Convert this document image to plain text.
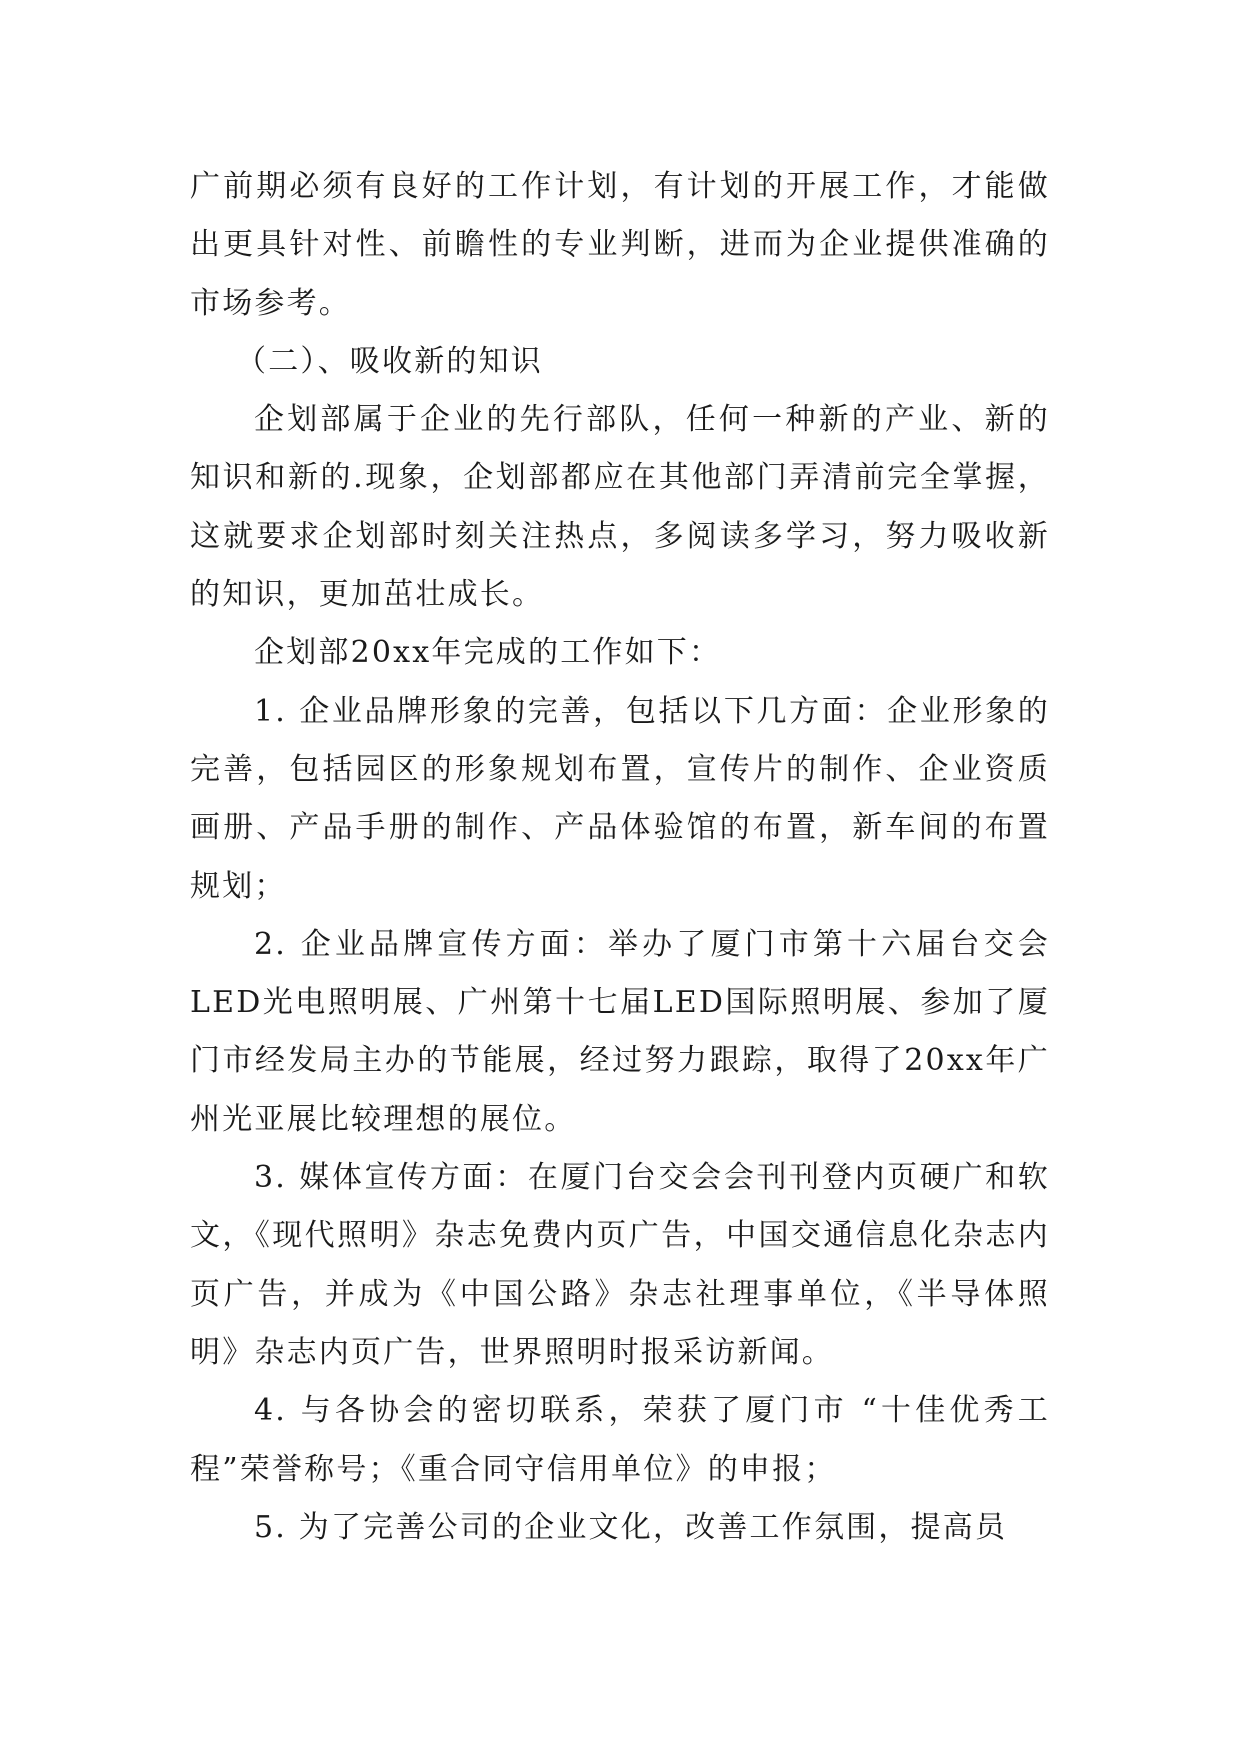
广前期必须有良好的工作计划，有计划的开展工作，才能做出更具针对性、前瞻性的专业判断，进而为企业提供准确的市场参考。

（二）、吸收新的知识

企划部属于企业的先行部队，任何一种新的产业、新的知识和新的.现象，企划部都应在其他部门弄清前完全掌握，这就要求企划部时刻关注热点，多阅读多学习，努力吸收新的知识，更加茁壮成长。

企划部20xx年完成的工作如下：

1. 企业品牌形象的完善，包括以下几方面：企业形象的完善，包括园区的形象规划布置，宣传片的制作、企业资质画册、产品手册的制作、产品体验馆的布置，新车间的布置规划；

2. 企业品牌宣传方面：举办了厦门市第十六届台交会LED光电照明展、广州第十七届LED国际照明展、参加了厦门市经发局主办的节能展，经过努力跟踪，取得了20xx年广州光亚展比较理想的展位。

3. 媒体宣传方面：在厦门台交会会刊刊登内页硬广和软文，《现代照明》杂志免费内页广告，中国交通信息化杂志内页广告，并成为《中国公路》杂志社理事单位，《半导体照明》杂志内页广告，世界照明时报采访新闻。

4. 与各协会的密切联系，荣获了厦门市 “十佳优秀工程”荣誉称号；《重合同守信用单位》的申报；

5. 为了完善公司的企业文化，改善工作氛围，提高员
